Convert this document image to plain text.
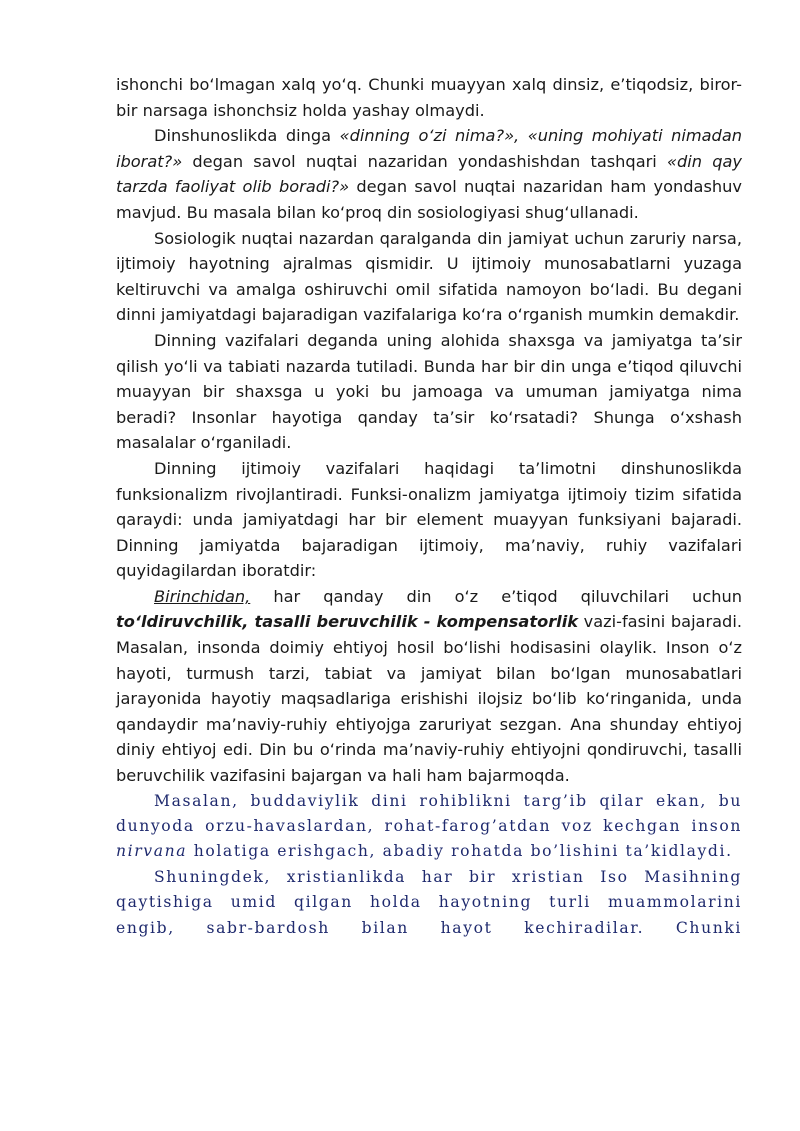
ishonchi bo‘lmagan xalq yo‘q. Chunki muayyan xalq dinsiz, e’tiqodsiz, biror-bir narsaga ishonchsiz holda yashay olmaydi.

Dinshunoslikda dinga «dinning o‘zi nima?», «uning mohiyati nimadan iborat?» degan savol nuqtai nazaridan yondashishdan tashqari «din qay tarzda faoliyat olib boradi?» degan savol nuqtai nazaridan ham yondashuv mavjud. Bu masala bilan ko‘proq din sosiologiyasi shug‘ullanadi.

Sosiologik nuqtai nazardan qaralganda din jamiyat uchun zaruriy narsa, ijtimoiy hayotning ajralmas qismidir. U ijtimoiy munosabatlarni yuzaga keltiruvchi va amalga oshiruvchi omil sifatida namoyon bo‘ladi. Bu degani dinni jamiyatdagi bajaradigan vazifalariga ko‘ra o‘rganish mumkin demakdir.

Dinning vazifalari deganda uning alohida shaxsga va jamiyatga ta’sir qilish yo‘li va tabiati nazarda tutiladi. Bunda har bir din unga e’tiqod qiluvchi muayyan bir shaxsga u yoki bu jamoaga va umuman jamiyatga nima beradi? Insonlar hayotiga qanday ta’sir ko‘rsatadi? Shunga o‘xshash masalalar o‘rganiladi.

Dinning ijtimoiy vazifalari haqidagi ta’limotni dinshunoslikda funksionalizm rivojlantiradi. Funksi-onalizm jamiyatga ijtimoiy tizim sifatida qaraydi: unda jamiyatdagi har bir element muayyan funksiyani bajaradi. Dinning jamiyatda bajaradigan ijtimoiy, ma’naviy, ruhiy vazifalari quyidagilardan iboratdir:

Birinchidan, har qanday din o‘z e’tiqod qiluvchilari uchun to‘ldiruvchilik, tasalli beruvchilik - kompensatorlik vazi-fasini bajaradi. Masalan, insonda doimiy ehtiyoj hosil bo‘lishi hodisasini olaylik. Inson o‘z hayoti, turmush tarzi, tabiat va jamiyat bilan bo‘lgan munosabatlari jarayonida hayotiy maqsadlariga erishishi ilojsiz bo‘lib ko‘ringanida, unda qandaydir ma’naviy-ruhiy ehtiyojga zaruriyat sezgan. Ana shunday ehtiyoj diniy ehtiyoj edi. Din bu o‘rinda ma’naviy-ruhiy ehtiyojni qondiruvchi, tasalli beruvchilik vazifasini bajargan va hali ham bajarmoqda.

Masalan, buddaviylik dini rohiblikni targ’ib qilar ekan, bu dunyoda orzu-havaslardan, rohat-farog’atdan voz kechgan inson nirvana holatiga erishgach, abadiy rohatda bo’lishini ta’kidlaydi.

Shuningdek, xristianlikda har bir xristian Iso Masihning qaytishiga umid qilgan holda hayotning turli muammolarini engib, sabr-bardosh bilan hayot kechiradilar. Chunki
